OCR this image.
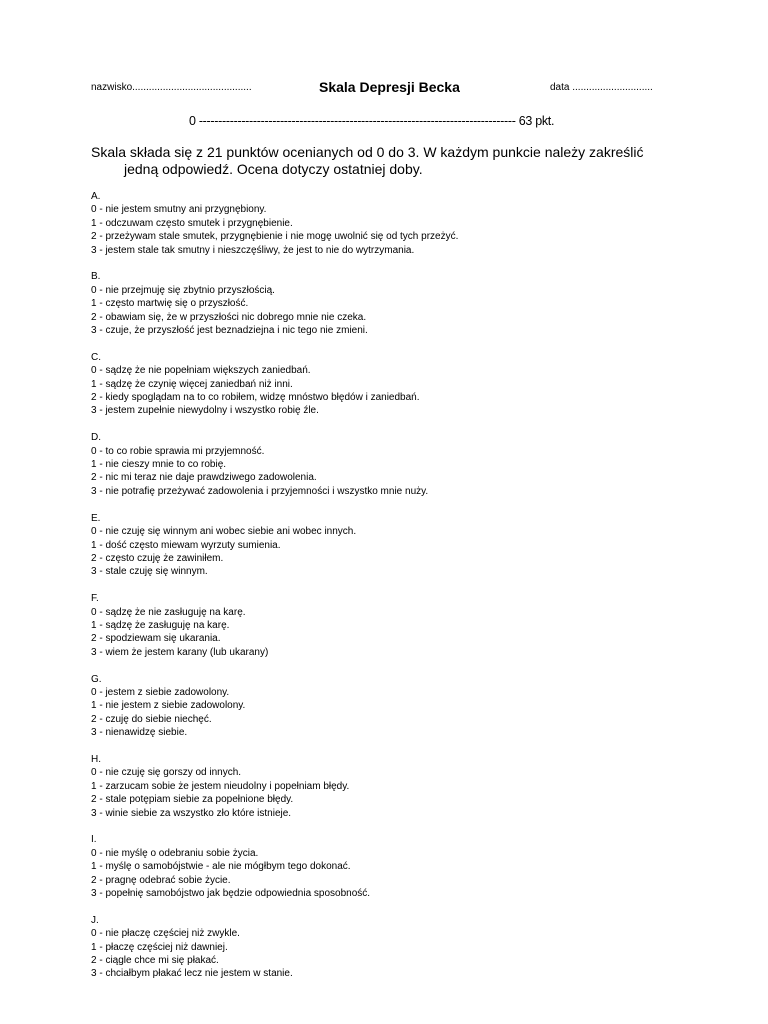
nazwisko...........................................	Skala Depresji Becka	data .............................
0 ---------------------------------------------------------------------------------- 63 pkt.
Skala składa się z 21 punktów ocenianych od 0 do 3. W każdym punkcie należy zakreślić
jedną odpowiedź. Ocena dotyczy ostatniej doby.
A.
0 - nie jestem smutny ani przygnębiony.
1 - odczuwam często smutek i przygnębienie.
2 - przeżywam stale smutek, przygnębienie i nie mogę uwolnić się od tych przeżyć.
3 - jestem stale tak smutny i nieszczęśliwy, że jest to nie do wytrzymania.
B.
0 - nie przejmuję się zbytnio przyszłością.
1 - często martwię się o przyszłość.
2 - obawiam się, że w przyszłości nic dobrego mnie nie czeka.
3 - czuje, że przyszłość jest beznadziejna i nic tego nie zmieni.
C.
0 - sądzę że nie popełniam większych zaniedbań.
1 - sądzę że czynię więcej zaniedbań niż inni.
2 - kiedy spoglądam na to co robiłem, widzę mnóstwo błędów i zaniedbań.
3 - jestem zupełnie niewydolny i wszystko robię źle.
D.
0 - to co robie sprawia mi przyjemność.
1 - nie cieszy mnie to co robię.
2 - nic mi teraz nie daje prawdziwego zadowolenia.
3 - nie potrafię przeżywać zadowolenia i przyjemności i wszystko mnie nuży.
E.
0 - nie czuję się winnym ani wobec siebie ani wobec innych.
1 - dość często miewam wyrzuty sumienia.
2 - często czuję że zawiniłem.
3 - stale czuję się winnym.
F.
0 - sądzę że nie zasługuję na karę.
1 - sądzę że zasługuję na karę.
2 - spodziewam się ukarania.
3 - wiem że jestem karany (lub ukarany)
G.
0 - jestem z siebie zadowolony.
1 - nie jestem z siebie zadowolony.
2 - czuję do siebie niechęć.
3 - nienawidzę siebie.
H.
0 - nie czuję się gorszy od innych.
1 - zarzucam sobie że jestem nieudolny i popełniam błędy.
2 - stale potępiam siebie za popełnione błędy.
3 - winie siebie za wszystko zło które istnieje.
I.
0 - nie myślę o odebraniu sobie życia.
1 - myślę o samobójstwie - ale nie mógłbym tego dokonać.
2 - pragnę odebrać sobie życie.
3 - popełnię samobójstwo jak będzie odpowiednia sposobność.
J.
0 - nie płaczę częściej niż zwykle.
1 - płaczę częściej niż dawniej.
2 - ciągle chce mi się płakać.
3 - chciałbym płakać lecz nie jestem w stanie.
